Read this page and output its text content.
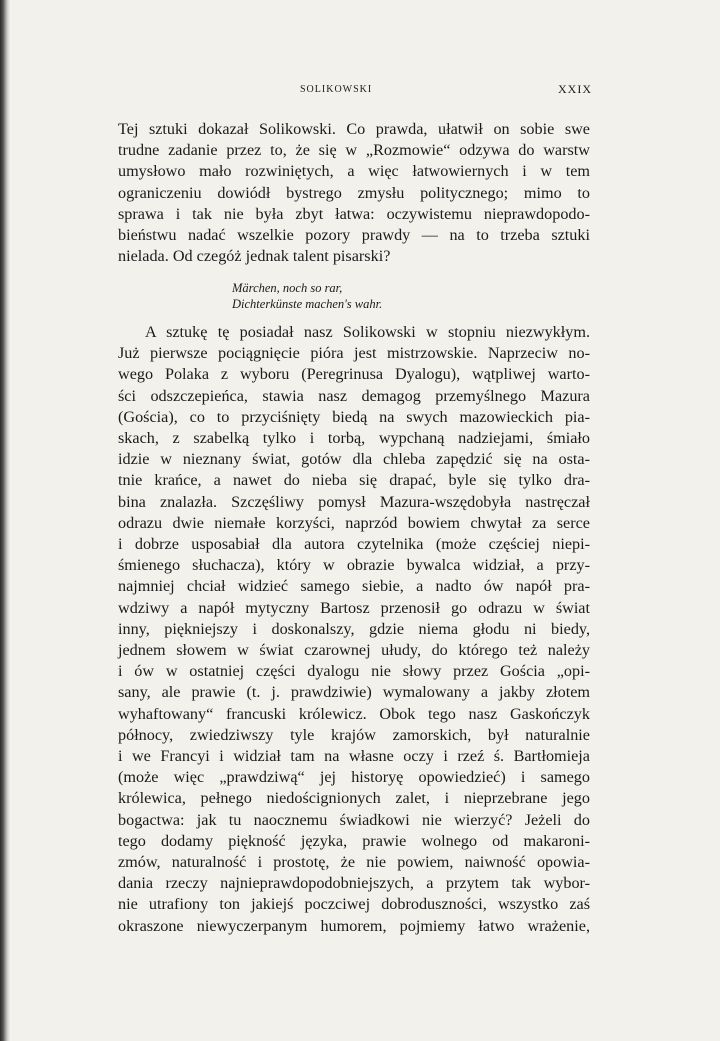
SOLIKOWSKI	XXIX
Tej sztuki dokazał Solikowski. Co prawda, ułatwił on sobie swe
trudne zadanie przez to, że się w „Rozmowie“ odzywa do warstw
umysłowo mało rozwiniętych, a więc łatwowiernych i w tem
ograniczeniu dowiódł bystrego zmysłu politycznego; mimo to
sprawa i tak nie była zbyt łatwa: oczywistemu nieprawdopodo-
bieństwu nadać wszelkie pozory prawdy — na to trzeba sztuki
nielada. Od czegóż jednak talent pisarski?
Märchen, noch so rar,
Dichterkünste machen's wahr.
A sztukę tę posiadał nasz Solikowski w stopniu niezwykłym.
Już pierwsze pociągnięcie pióra jest mistrzowskie. Naprzeciw no-
wego Polaka z wyboru (Peregrinusa Dyalogu), wątpliwej warto-
ści odszczepieńca, stawia nasz demagog przemyślnego Mazura
(Gościa), co to przyciśnięty biedą na swych mazowieckich pia-
skach, z szabelką tylko i torbą, wypchaną nadziejami, śmiało
idzie w nieznany świat, gotów dla chleba zapędzić się na osta-
tnie krańce, a nawet do nieba się drapać, byle się tylko dra-
bina znalazła. Szczęśliwy pomysł Mazura-wszędobyła nastręczał
odrazu dwie niemałe korzyści, naprzód bowiem chwytał za serce
i dobrze usposabiał dla autora czytelnika (może częściej niepi-
śmienego słuchacza), który w obrazie bywalca widział, a przy-
najmniej chciał widzieć samego siebie, a nadto ów napół pra-
wdziwy a napół mytyczny Bartosz przenosił go odrazu w świat
inny, piękniejszy i doskonalszy, gdzie niema głodu ni biedy,
jednem słowem w świat czarownej ułudy, do którego też należy
i ów w ostatniej części dyalogu nie słowy przez Gościa „opi-
sany, ale prawie (t. j. prawdziwie) wymalowany a jakby złotem
wyhaftowany“ francuski królewicz. Obok tego nasz Gaskończyk
północy, zwiedziwszy tyle krajów zamorskich, był naturalnie
i we Francyi i widział tam na własne oczy i rzeź ś. Bartłomieja
(może więc „prawdziwą“ jej historyę opowiedzieć) i samego
królewica, pełnego niedoścignionych zalet, i nieprzebrane jego
bogactwa: jak tu naocznemu świadkowi nie wierzyć? Jeżeli do
tego dodamy piękność języka, prawie wolnego od makaroni-
zmów, naturalność i prostotę, że nie powiem, naiwność opowia-
dania rzeczy najnieprawdopodobniejszych, a przytem tak wybor-
nie utrafiony ton jakiejś poczciwej dobroduszności, wszystko zaś
okraszone niewyczerpanym humorem, pojmiemy łatwo wrażenie,
